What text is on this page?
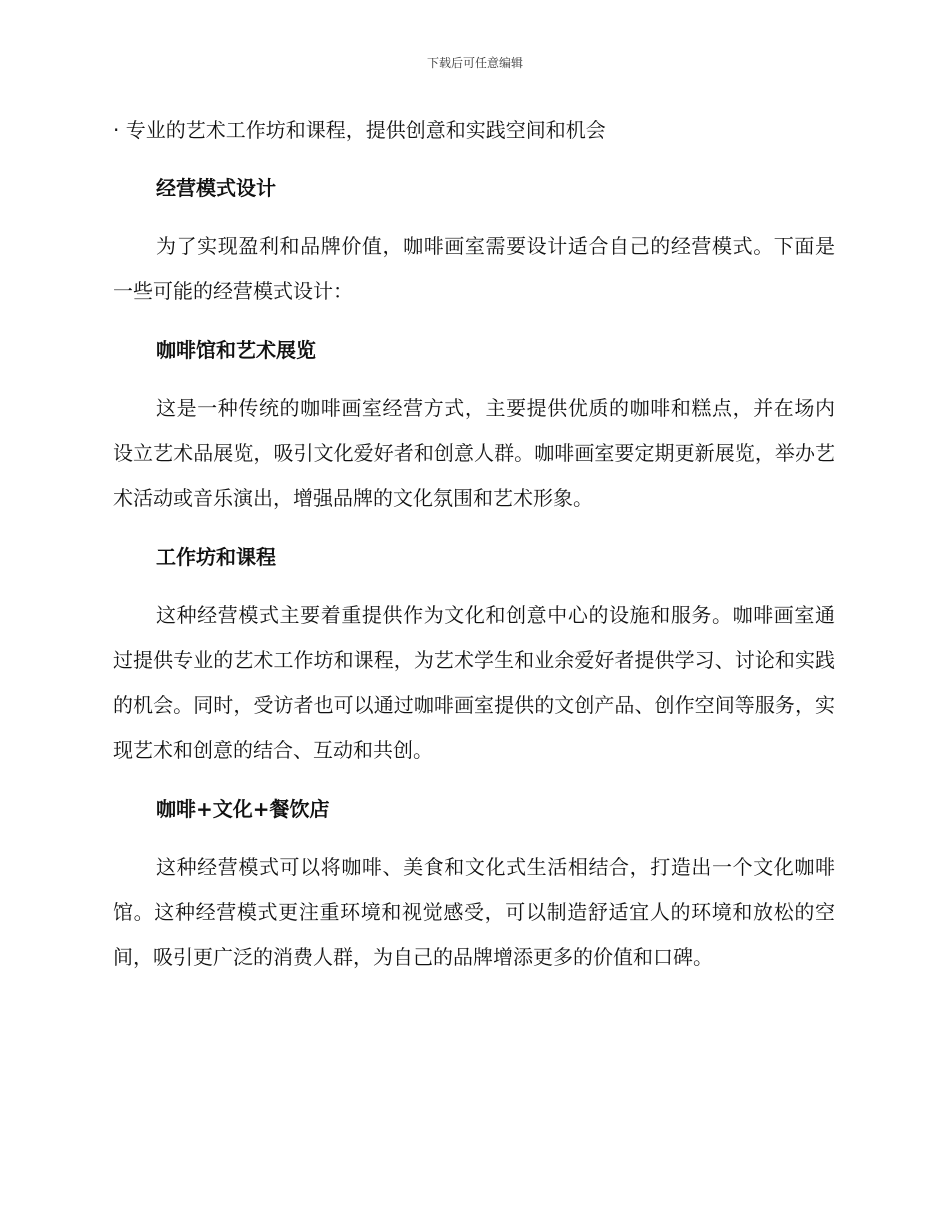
下载后可任意编辑
· 专业的艺术工作坊和课程，提供创意和实践空间和机会
经营模式设计
为了实现盈利和品牌价值，咖啡画室需要设计适合自己的经营模式。下面是一些可能的经营模式设计：
咖啡馆和艺术展览
这是一种传统的咖啡画室经营方式，主要提供优质的咖啡和糕点，并在场内设立艺术品展览，吸引文化爱好者和创意人群。咖啡画室要定期更新展览，举办艺术活动或音乐演出，增强品牌的文化氛围和艺术形象。
工作坊和课程
这种经营模式主要着重提供作为文化和创意中心的设施和服务。咖啡画室通过提供专业的艺术工作坊和课程，为艺术学生和业余爱好者提供学习、讨论和实践的机会。同时，受访者也可以通过咖啡画室提供的文创产品、创作空间等服务，实现艺术和创意的结合、互动和共创。
咖啡+文化+餐饮店
这种经营模式可以将咖啡、美食和文化式生活相结合，打造出一个文化咖啡馆。这种经营模式更注重环境和视觉感受，可以制造舒适宜人的环境和放松的空间，吸引更广泛的消费人群，为自己的品牌增添更多的价值和口碑。
